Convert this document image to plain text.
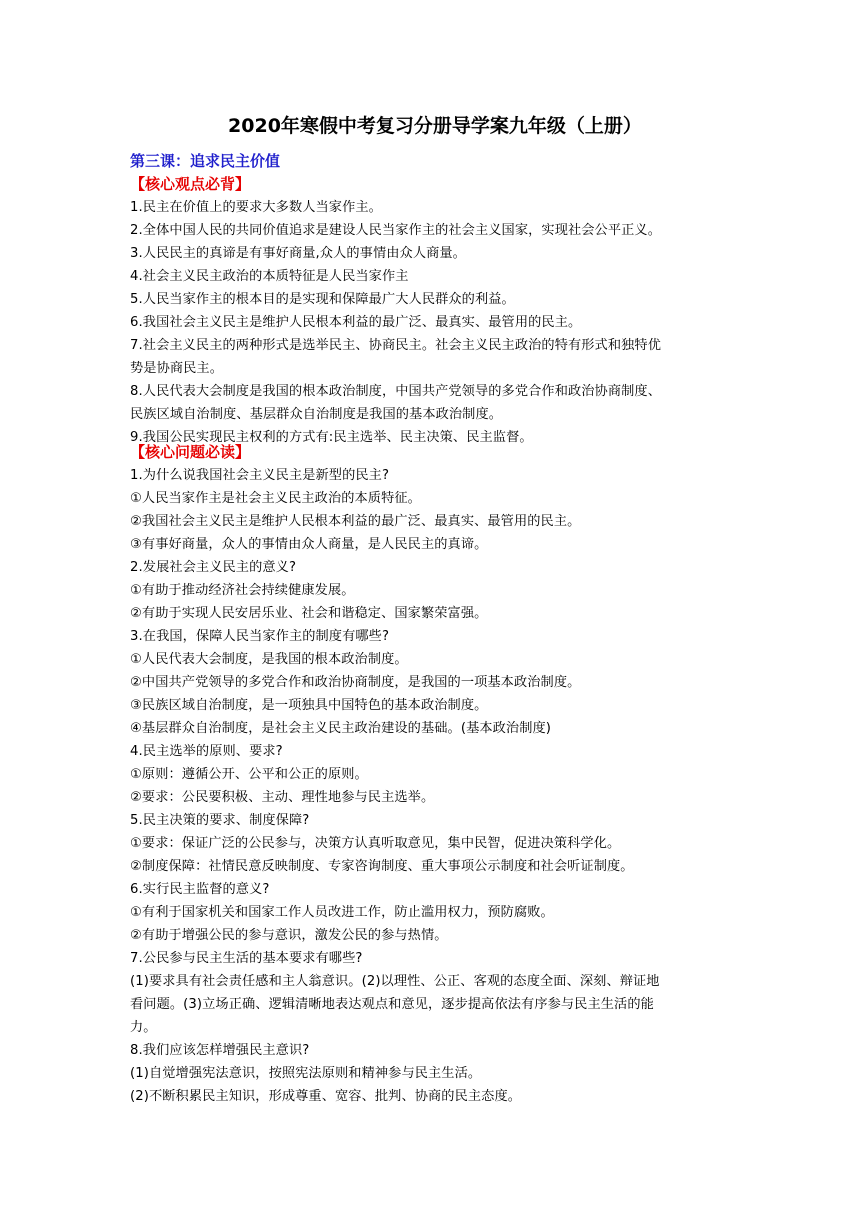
2020年寒假中考复习分册导学案九年级（上册）
第三课：追求民主价值
【核心观点必背】
1.民主在价值上的要求大多数人当家作主。
2.全体中国人民的共同价值追求是建设人民当家作主的社会主义国家，实现社会公平正义。
3.人民民主的真谛是有事好商量,众人的事情由众人商量。
4.社会主义民主政治的本质特征是人民当家作主
5.人民当家作主的根本目的是实现和保障最广大人民群众的利益。
6.我国社会主义民主是维护人民根本利益的最广泛、最真实、最管用的民主。
7.社会主义民主的两种形式是选举民主、协商民主。社会主义民主政治的特有形式和独特优
势是协商民主。
8.人民代表大会制度是我国的根本政治制度，中国共产党领导的多党合作和政治协商制度、
民族区域自治制度、基层群众自治制度是我国的基本政治制度。
9.我国公民实现民主权利的方式有:民主选举、民主决策、民主监督。
【核心问题必读】
1.为什么说我国社会主义民主是新型的民主?
①人民当家作主是社会主义民主政治的本质特征。
②我国社会主义民主是维护人民根本利益的最广泛、最真实、最管用的民主。
③有事好商量，众人的事情由众人商量，是人民民主的真谛。
2.发展社会主义民主的意义?
①有助于推动经济社会持续健康发展。
②有助于实现人民安居乐业、社会和谐稳定、国家繁荣富强。
3.在我国，保障人民当家作主的制度有哪些?
①人民代表大会制度，是我国的根本政治制度。
②中国共产党领导的多党合作和政治协商制度，是我国的一项基本政治制度。
③民族区域自治制度，是一项独具中国特色的基本政治制度。
④基层群众自治制度，是社会主义民主政治建设的基础。(基本政治制度)
4.民主选举的原则、要求?
①原则：遵循公开、公平和公正的原则。
②要求：公民要积极、主动、理性地参与民主选举。
5.民主决策的要求、制度保障?
①要求：保证广泛的公民参与，决策方认真听取意见，集中民智，促进决策科学化。
②制度保障：社情民意反映制度、专家咨询制度、重大事项公示制度和社会听证制度。
6.实行民主监督的意义?
①有利于国家机关和国家工作人员改进工作，防止滥用权力，预防腐败。
②有助于增强公民的参与意识，激发公民的参与热情。
7.公民参与民主生活的基本要求有哪些?
(1)要求具有社会责任感和主人翁意识。(2)以理性、公正、客观的态度全面、深刻、辩证地
看问题。(3)立场正确、逻辑清晰地表达观点和意见，逐步提高依法有序参与民主生活的能
力。
8.我们应该怎样增强民主意识?
(1)自觉增强宪法意识，按照宪法原则和精神参与民主生活。
(2)不断积累民主知识，形成尊重、宽容、批判、协商的民主态度。
